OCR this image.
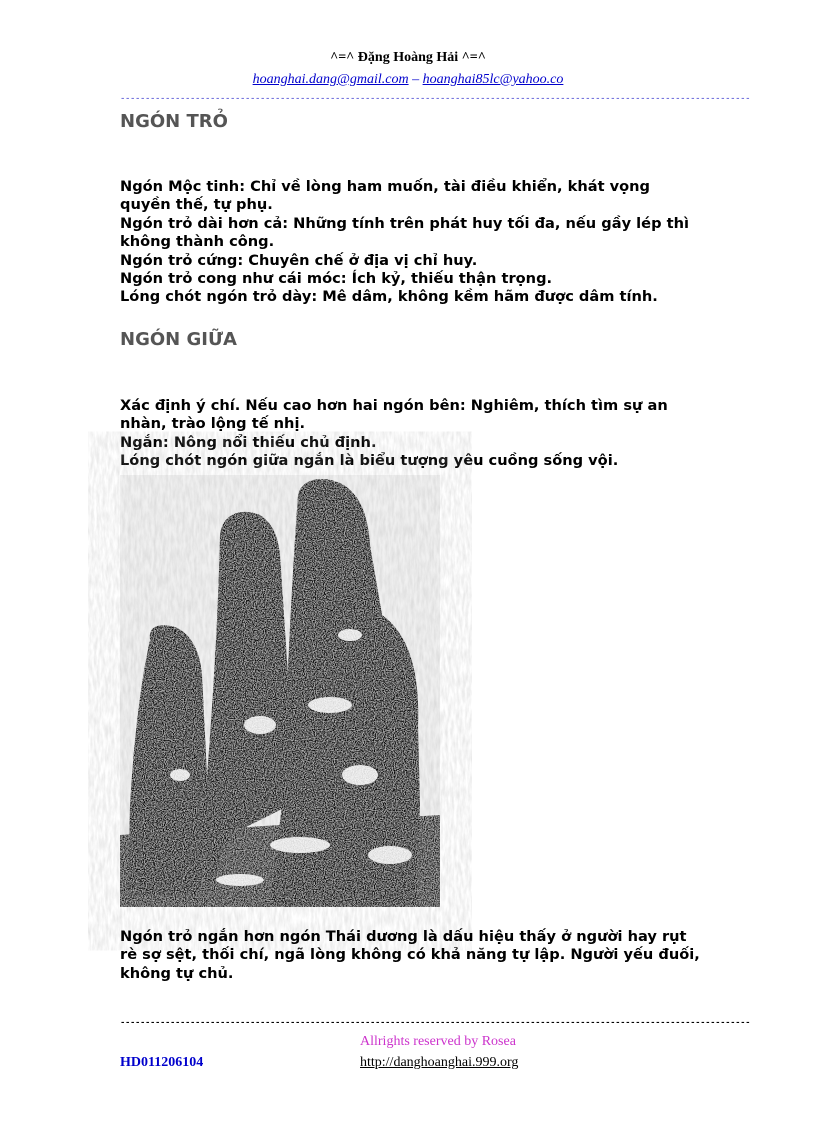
^=^ Đặng Hoàng Hải ^=^
hoanghai.dang@gmail.com – hoanghai85lc@yahoo.co
------------------------------------------------------------------------------------------------------------------------------
NGÓN TRỎ

Ngón Mộc tinh: Chỉ về lòng ham muốn, tài điều khiển, khát vọng quyền thế, tự phụ.

Ngón trỏ dài hơn cả: Những tính trên phát huy tối đa, nếu gầy lép thì không thành công.

Ngón trỏ cứng: Chuyên chế ở địa vị chỉ huy.

Ngón trỏ cong như cái móc: Ích kỷ, thiếu thận trọng.

Lóng chót ngón trỏ dày: Mê dâm, không kềm hãm được dâm tính.

NGÓN GIỮA

Xác định ý chí. Nếu cao hơn hai ngón bên: Nghiêm, thích tìm sự an nhàn, trào lộng tế nhị.

Ngắn: Nông nổi thiếu chủ định.

Lóng chót ngón giữa ngắn là biểu tượng yêu cuồng sống vội.

Ngón trỏ ngắn hơn ngón Thái dương là dấu hiệu thấy ở người hay rụt rè sợ sệt, thối chí, ngã lòng không có khả năng tự lập. Người yếu đuối, không tự chủ.
------------------------------------------------------------------------------------------------------------------------------
Allrights reserved by Rosea
HD011206104	http://danghoanghai.999.org
